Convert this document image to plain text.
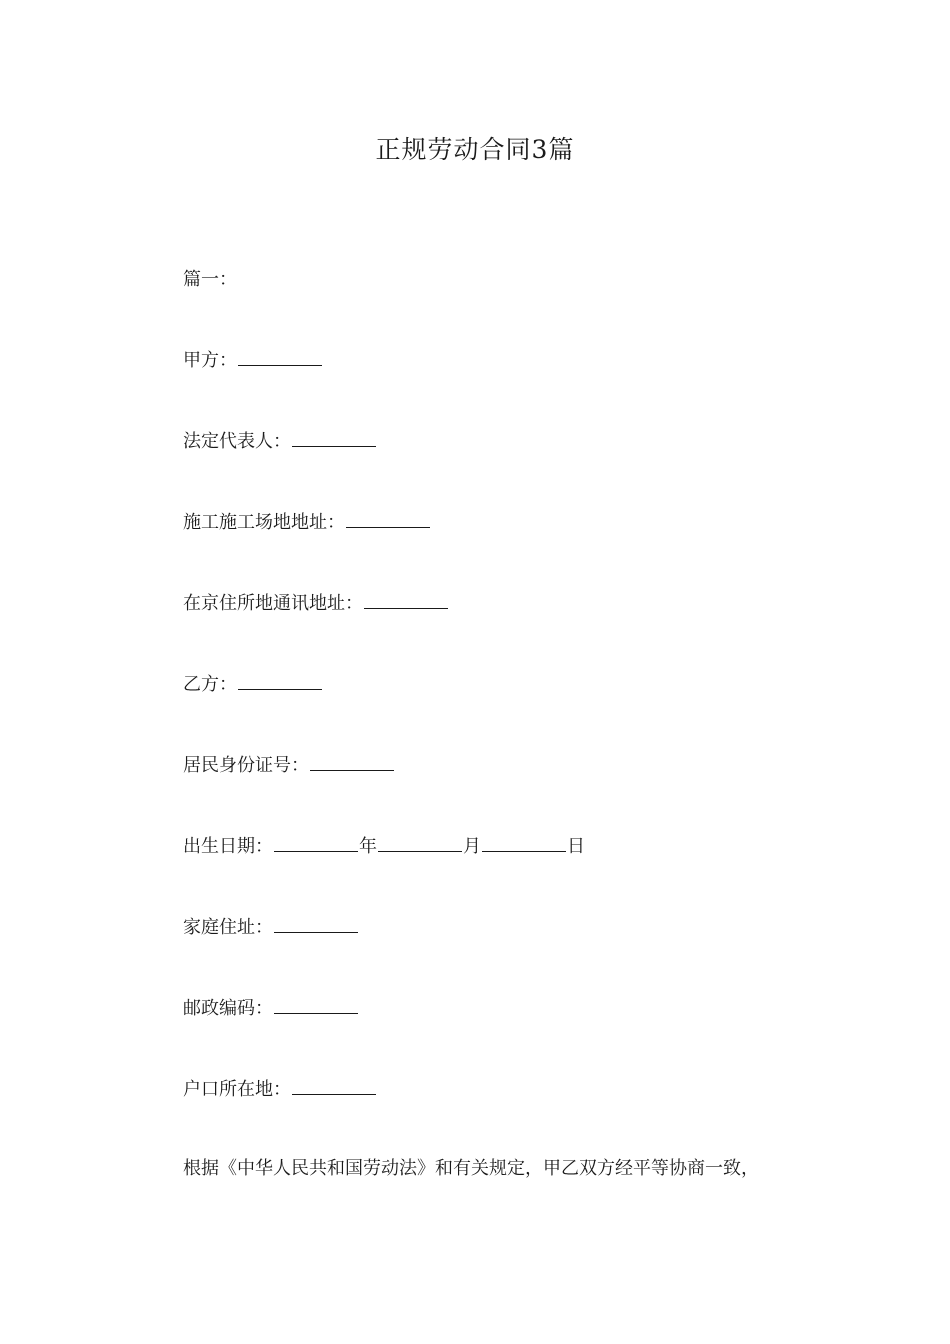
正规劳动合同3篇
篇一：
甲方：
法定代表人：
施工施工场地地址：
在京住所地通讯地址：
乙方：
居民身份证号：
出生日期：	年	月	日
家庭住址：
邮政编码：
户口所在地：
根据《中华人民共和国劳动法》和有关规定，甲乙双方经平等协商一致，
